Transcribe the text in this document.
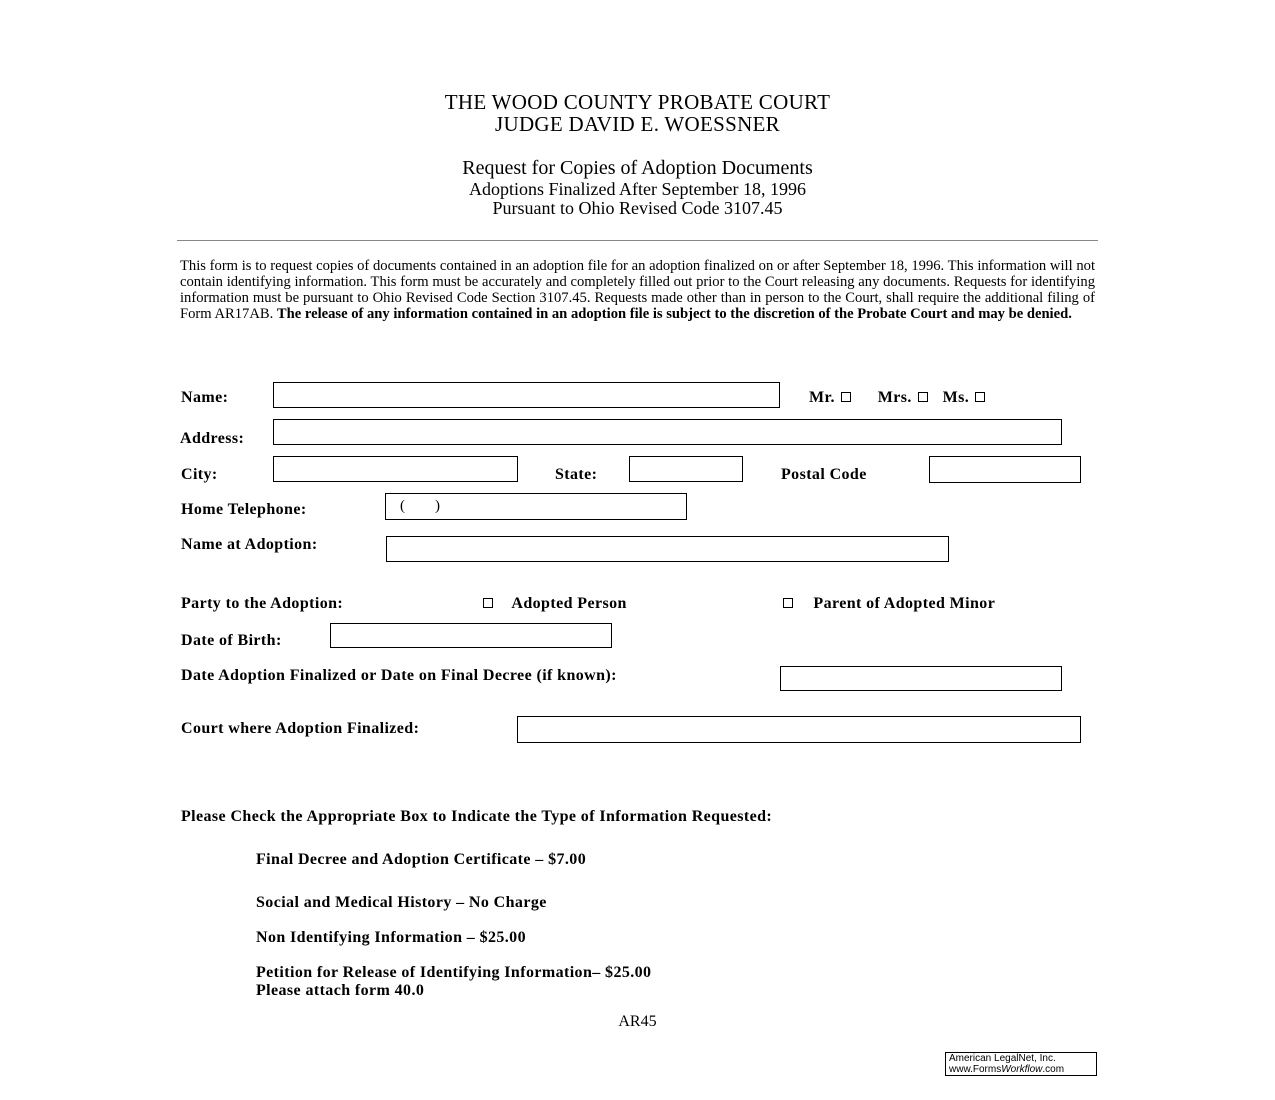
THE WOOD COUNTY PROBATE COURT
JUDGE DAVID E. WOESSNER
Request for Copies of Adoption Documents
Adoptions Finalized After September 18, 1996
Pursuant to Ohio Revised Code 3107.45
This form is to request copies of documents contained in an adoption file for an adoption finalized on or after September 18, 1996. This information will not contain identifying information. This form must be accurately and completely filled out prior to the Court releasing any documents. Requests for identifying information must be pursuant to Ohio Revised Code Section 3107.45. Requests made other than in person to the Court, shall require the additional filing of Form AR17AB. The release of any information contained in an adoption file is subject to the discretion of the Probate Court and may be denied.
Name:	Mr.	Mrs. Ms.
Address:
City:	State:	Postal Code
Home Telephone:	(        )
Name at Adoption:
Party to the Adoption:	Adopted Person	Parent of Adopted Minor
Date of Birth:
Date Adoption Finalized or Date on Final Decree (if known):
Court where Adoption Finalized:
Please Check the Appropriate Box to Indicate the Type of Information Requested:
Final Decree and Adoption Certificate – $7.00
Social and Medical History – No Charge
Non Identifying Information – $25.00
Petition for Release of Identifying Information– $25.00
Please attach form 40.0
AR45
American LegalNet, Inc.
www.FormsWorkflow.com
